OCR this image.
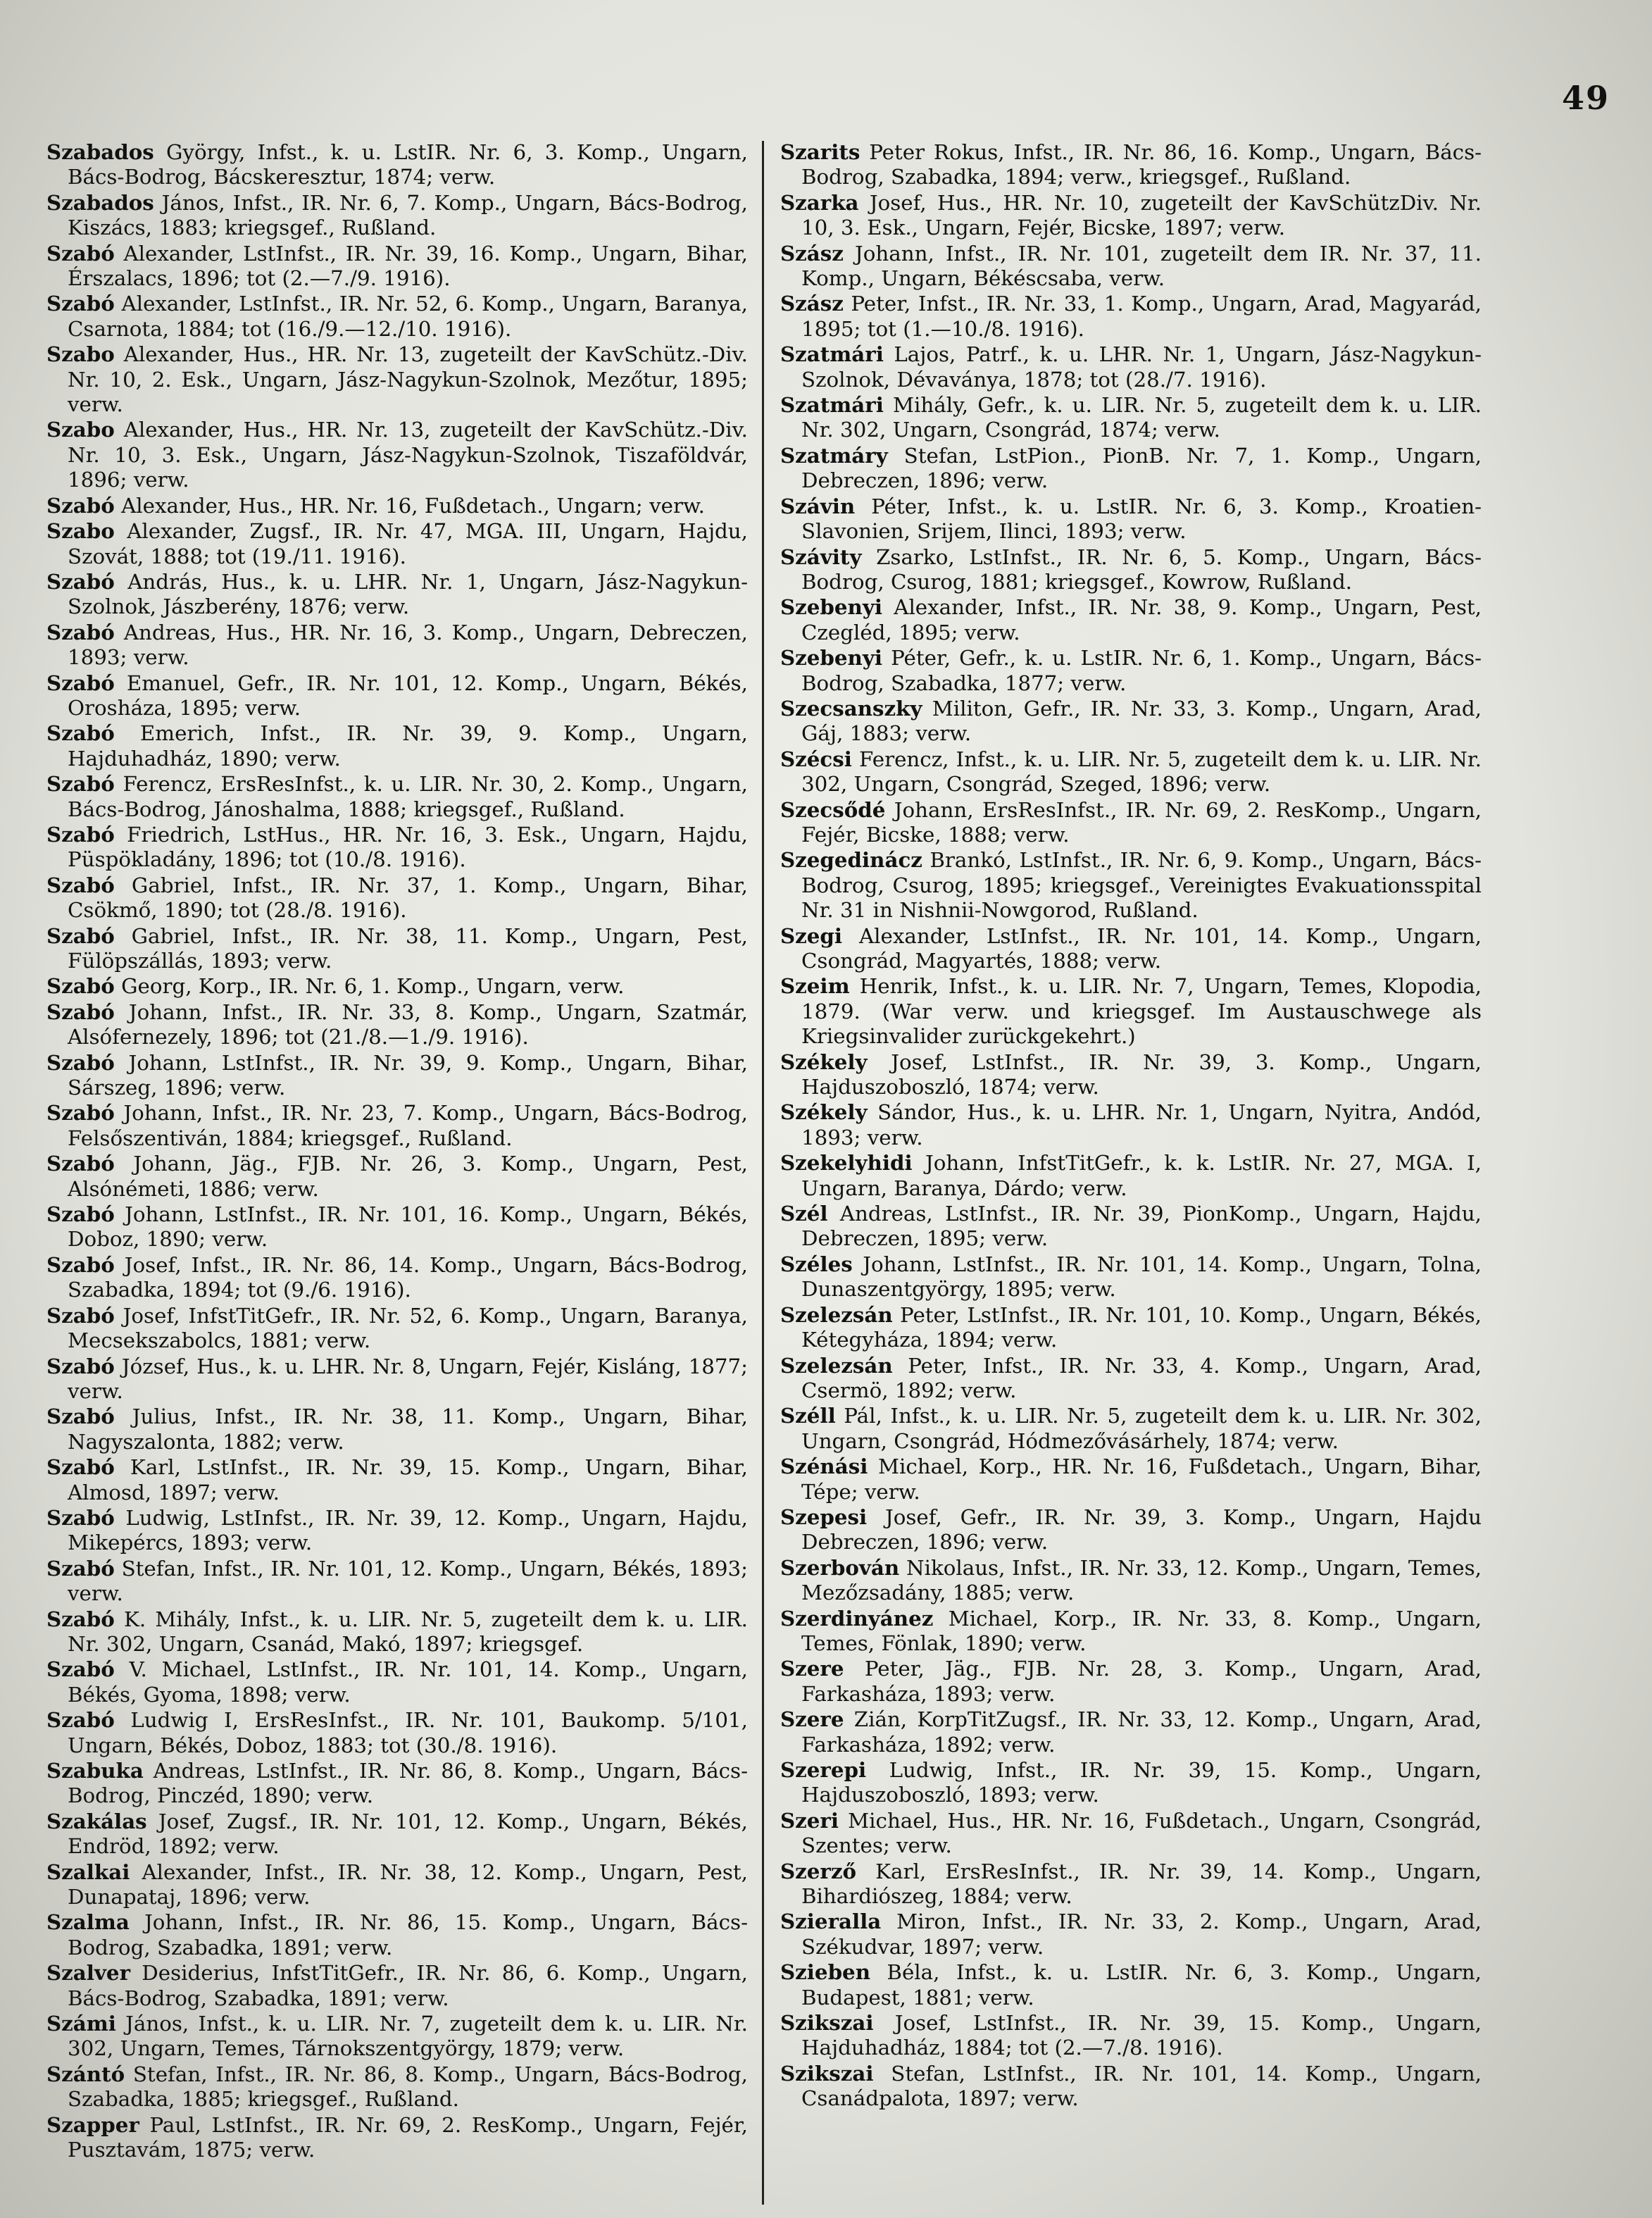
49

Szabados György, Infst., k. u. LstIR. Nr. 6, 3. Komp., Ungarn, Bács-Bodrog, Bácskeresztur, 1874; verw.

Szabados János, Infst., IR. Nr. 6, 7. Komp., Ungarn, Bács-Bodrog, Kiszács, 1883; kriegsgef., Rußland.

Szabó Alexander, LstInfst., IR. Nr. 39, 16. Komp., Ungarn, Bihar, Érszalacs, 1896; tot (2.—7./9. 1916).

Szabó Alexander, LstInfst., IR. Nr. 52, 6. Komp., Ungarn, Baranya, Csarnota, 1884; tot (16./9.—12./10. 1916).

Szabo Alexander, Hus., HR. Nr. 13, zugeteilt der KavSchütz.-Div. Nr. 10, 2. Esk., Ungarn, Jász-Nagykun-Szolnok, Mezőtur, 1895; verw.

Szabo Alexander, Hus., HR. Nr. 13, zugeteilt der KavSchütz.-Div. Nr. 10, 3. Esk., Ungarn, Jász-Nagykun-Szolnok, Tiszaföldvár, 1896; verw.

Szabó Alexander, Hus., HR. Nr. 16, Fußdetach., Ungarn; verw.

Szabo Alexander, Zugsf., IR. Nr. 47, MGA. III, Ungarn, Hajdu, Szovát, 1888; tot (19./11. 1916).

Szabó András, Hus., k. u. LHR. Nr. 1, Ungarn, Jász-Nagykun-Szolnok, Jászberény, 1876; verw.

Szabó Andreas, Hus., HR. Nr. 16, 3. Komp., Ungarn, Debreczen, 1893; verw.

Szabó Emanuel, Gefr., IR. Nr. 101, 12. Komp., Ungarn, Békés, Orosháza, 1895; verw.

Szabó Emerich, Infst., IR. Nr. 39, 9. Komp., Ungarn, Hajduhadház, 1890; verw.

Szabó Ferencz, ErsResInfst., k. u. LIR. Nr. 30, 2. Komp., Ungarn, Bács-Bodrog, Jánoshalma, 1888; kriegsgef., Rußland.

Szabó Friedrich, LstHus., HR. Nr. 16, 3. Esk., Ungarn, Hajdu, Püspökladány, 1896; tot (10./8. 1916).

Szabó Gabriel, Infst., IR. Nr. 37, 1. Komp., Ungarn, Bihar, Csökmő, 1890; tot (28./8. 1916).

Szabó Gabriel, Infst., IR. Nr. 38, 11. Komp., Ungarn, Pest, Fülöpszállás, 1893; verw.

Szabó Georg, Korp., IR. Nr. 6, 1. Komp., Ungarn, verw.

Szabó Johann, Infst., IR. Nr. 33, 8. Komp., Ungarn, Szatmár, Alsófernezely, 1896; tot (21./8.—1./9. 1916).

Szabó Johann, LstInfst., IR. Nr. 39, 9. Komp., Ungarn, Bihar, Sárszeg, 1896; verw.

Szabó Johann, Infst., IR. Nr. 23, 7. Komp., Ungarn, Bács-Bodrog, Felsőszentiván, 1884; kriegsgef., Rußland.

Szabó Johann, Jäg., FJB. Nr. 26, 3. Komp., Ungarn, Pest, Alsónémeti, 1886; verw.

Szabó Johann, LstInfst., IR. Nr. 101, 16. Komp., Ungarn, Békés, Doboz, 1890; verw.

Szabó Josef, Infst., IR. Nr. 86, 14. Komp., Ungarn, Bács-Bodrog, Szabadka, 1894; tot (9./6. 1916).

Szabó Josef, InfstTitGefr., IR. Nr. 52, 6. Komp., Ungarn, Baranya, Mecsekszabolcs, 1881; verw.

Szabó József, Hus., k. u. LHR. Nr. 8, Ungarn, Fejér, Kisláng, 1877; verw.

Szabó Julius, Infst., IR. Nr. 38, 11. Komp., Ungarn, Bihar, Nagyszalonta, 1882; verw.

Szabó Karl, LstInfst., IR. Nr. 39, 15. Komp., Ungarn, Bihar, Almosd, 1897; verw.

Szabó Ludwig, LstInfst., IR. Nr. 39, 12. Komp., Ungarn, Hajdu, Mikepércs, 1893; verw.

Szabó Stefan, Infst., IR. Nr. 101, 12. Komp., Ungarn, Békés, 1893; verw.

Szabó K. Mihály, Infst., k. u. LIR. Nr. 5, zugeteilt dem k. u. LIR. Nr. 302, Ungarn, Csanád, Makó, 1897; kriegsgef.

Szabó V. Michael, LstInfst., IR. Nr. 101, 14. Komp., Ungarn, Békés, Gyoma, 1898; verw.

Szabó Ludwig I, ErsResInfst., IR. Nr. 101, Baukomp. 5/101, Ungarn, Békés, Doboz, 1883; tot (30./8. 1916).

Szabuka Andreas, LstInfst., IR. Nr. 86, 8. Komp., Ungarn, Bács-Bodrog, Pinczéd, 1890; verw.

Szakálas Josef, Zugsf., IR. Nr. 101, 12. Komp., Ungarn, Békés, Endröd, 1892; verw.

Szalkai Alexander, Infst., IR. Nr. 38, 12. Komp., Ungarn, Pest, Dunapataj, 1896; verw.

Szalma Johann, Infst., IR. Nr. 86, 15. Komp., Ungarn, Bács-Bodrog, Szabadka, 1891; verw.

Szalver Desiderius, InfstTitGefr., IR. Nr. 86, 6. Komp., Ungarn, Bács-Bodrog, Szabadka, 1891; verw.

Számi János, Infst., k. u. LIR. Nr. 7, zugeteilt dem k. u. LIR. Nr. 302, Ungarn, Temes, Tárnokszentgyörgy, 1879; verw.

Szántó Stefan, Infst., IR. Nr. 86, 8. Komp., Ungarn, Bács-Bodrog, Szabadka, 1885; kriegsgef., Rußland.

Szapper Paul, LstInfst., IR. Nr. 69, 2. ResKomp., Ungarn, Fejér, Pusztavám, 1875; verw.

Szarits Peter Rokus, Infst., IR. Nr. 86, 16. Komp., Ungarn, Bács-Bodrog, Szabadka, 1894; verw., kriegsgef., Rußland.

Szarka Josef, Hus., HR. Nr. 10, zugeteilt der KavSchützDiv. Nr. 10, 3. Esk., Ungarn, Fejér, Bicske, 1897; verw.

Szász Johann, Infst., IR. Nr. 101, zugeteilt dem IR. Nr. 37, 11. Komp., Ungarn, Békéscsaba, verw.

Szász Peter, Infst., IR. Nr. 33, 1. Komp., Ungarn, Arad, Magyarád, 1895; tot (1.—10./8. 1916).

Szatmári Lajos, Patrf., k. u. LHR. Nr. 1, Ungarn, Jász-Nagykun-Szolnok, Dévaványa, 1878; tot (28./7. 1916).

Szatmári Mihály, Gefr., k. u. LIR. Nr. 5, zugeteilt dem k. u. LIR. Nr. 302, Ungarn, Csongrád, 1874; verw.

Szatmáry Stefan, LstPion., PionB. Nr. 7, 1. Komp., Ungarn, Debreczen, 1896; verw.

Szávin Péter, Infst., k. u. LstIR. Nr. 6, 3. Komp., Kroatien-Slavonien, Srijem, Ilinci, 1893; verw.

Szávity Zsarko, LstInfst., IR. Nr. 6, 5. Komp., Ungarn, Bács-Bodrog, Csurog, 1881; kriegsgef., Kowrow, Rußland.

Szebenyi Alexander, Infst., IR. Nr. 38, 9. Komp., Ungarn, Pest, Czegléd, 1895; verw.

Szebenyi Péter, Gefr., k. u. LstIR. Nr. 6, 1. Komp., Ungarn, Bács-Bodrog, Szabadka, 1877; verw.

Szecsanszky Militon, Gefr., IR. Nr. 33, 3. Komp., Ungarn, Arad, Gáj, 1883; verw.

Szécsi Ferencz, Infst., k. u. LIR. Nr. 5, zugeteilt dem k. u. LIR. Nr. 302, Ungarn, Csongrád, Szeged, 1896; verw.

Szecsődé Johann, ErsResInfst., IR. Nr. 69, 2. ResKomp., Ungarn, Fejér, Bicske, 1888; verw.

Szegedinácz Brankó, LstInfst., IR. Nr. 6, 9. Komp., Ungarn, Bács-Bodrog, Csurog, 1895; kriegsgef., Vereinigtes Evakuationsspital Nr. 31 in Nishnii-Nowgorod, Rußland.

Szegi Alexander, LstInfst., IR. Nr. 101, 14. Komp., Ungarn, Csongrád, Magyartés, 1888; verw.

Szeim Henrik, Infst., k. u. LIR. Nr. 7, Ungarn, Temes, Klopodia, 1879. (War verw. und kriegsgef. Im Austauschwege als Kriegsinvalider zurückgekehrt.)

Székely Josef, LstInfst., IR. Nr. 39, 3. Komp., Ungarn, Hajduszoboszló, 1874; verw.

Székely Sándor, Hus., k. u. LHR. Nr. 1, Ungarn, Nyitra, Andód, 1893; verw.

Szekelyhidi Johann, InfstTitGefr., k. k. LstIR. Nr. 27, MGA. I, Ungarn, Baranya, Dárdo; verw.

Szél Andreas, LstInfst., IR. Nr. 39, PionKomp., Ungarn, Hajdu, Debreczen, 1895; verw.

Széles Johann, LstInfst., IR. Nr. 101, 14. Komp., Ungarn, Tolna, Dunaszentgyörgy, 1895; verw.

Szelezsán Peter, LstInfst., IR. Nr. 101, 10. Komp., Ungarn, Békés, Kétegyháza, 1894; verw.

Szelezsán Peter, Infst., IR. Nr. 33, 4. Komp., Ungarn, Arad, Csermö, 1892; verw.

Széll Pál, Infst., k. u. LIR. Nr. 5, zugeteilt dem k. u. LIR. Nr. 302, Ungarn, Csongrád, Hódmezővásárhely, 1874; verw.

Szénási Michael, Korp., HR. Nr. 16, Fußdetach., Ungarn, Bihar, Tépe; verw.

Szepesi Josef, Gefr., IR. Nr. 39, 3. Komp., Ungarn, Hajdu Debreczen, 1896; verw.

Szerbován Nikolaus, Infst., IR. Nr. 33, 12. Komp., Ungarn, Temes, Mezőzsadány, 1885; verw.

Szerdinyánez Michael, Korp., IR. Nr. 33, 8. Komp., Ungarn, Temes, Fönlak, 1890; verw.

Szere Peter, Jäg., FJB. Nr. 28, 3. Komp., Ungarn, Arad, Farkasháza, 1893; verw.

Szere Zián, KorpTitZugsf., IR. Nr. 33, 12. Komp., Ungarn, Arad, Farkasháza, 1892; verw.

Szerepi Ludwig, Infst., IR. Nr. 39, 15. Komp., Ungarn, Hajduszoboszló, 1893; verw.

Szeri Michael, Hus., HR. Nr. 16, Fußdetach., Ungarn, Csongrád, Szentes; verw.

Szerző Karl, ErsResInfst., IR. Nr. 39, 14. Komp., Ungarn, Bihardiószeg, 1884; verw.

Szieralla Miron, Infst., IR. Nr. 33, 2. Komp., Ungarn, Arad, Székudvar, 1897; verw.

Szieben Béla, Infst., k. u. LstIR. Nr. 6, 3. Komp., Ungarn, Budapest, 1881; verw.

Szikszai Josef, LstInfst., IR. Nr. 39, 15. Komp., Ungarn, Hajduhadház, 1884; tot (2.—7./8. 1916).

Szikszai Stefan, LstInfst., IR. Nr. 101, 14. Komp., Ungarn, Csanádpalota, 1897; verw.
